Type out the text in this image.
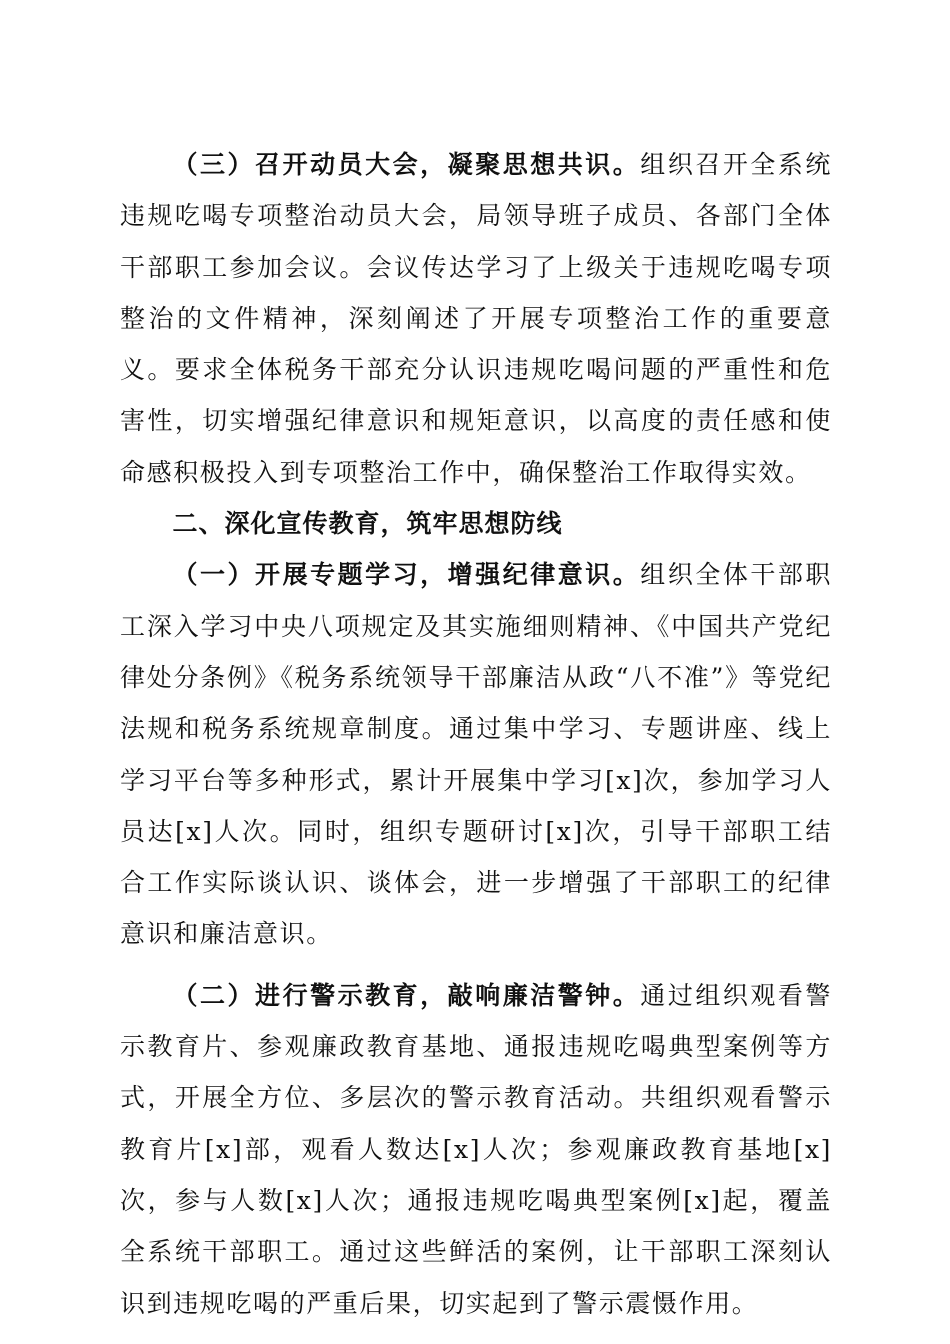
（三）召开动员大会，凝聚思想共识。组织召开全系统违规吃喝专项整治动员大会，局领导班子成员、各部门全体干部职工参加会议。会议传达学习了上级关于违规吃喝专项整治的文件精神，深刻阐述了开展专项整治工作的重要意义。要求全体税务干部充分认识违规吃喝问题的严重性和危害性，切实增强纪律意识和规矩意识，以高度的责任感和使命感积极投入到专项整治工作中，确保整治工作取得实效。

二、深化宣传教育，筑牢思想防线

（一）开展专题学习，增强纪律意识。组织全体干部职工深入学习中央八项规定及其实施细则精神、《中国共产党纪律处分条例》《税务系统领导干部廉洁从政“八不准”》等党纪法规和税务系统规章制度。通过集中学习、专题讲座、线上学习平台等多种形式，累计开展集中学习[x]次，参加学习人员达[x]人次。同时，组织专题研讨[x]次，引导干部职工结合工作实际谈认识、谈体会，进一步增强了干部职工的纪律意识和廉洁意识。

（二）进行警示教育，敲响廉洁警钟。通过组织观看警示教育片、参观廉政教育基地、通报违规吃喝典型案例等方式，开展全方位、多层次的警示教育活动。共组织观看警示教育片[x]部，观看人数达[x]人次；参观廉政教育基地[x]次，参与人数[x]人次；通报违规吃喝典型案例[x]起，覆盖全系统干部职工。通过这些鲜活的案例，让干部职工深刻认识到违规吃喝的严重后果，切实起到了警示震慑作用。
